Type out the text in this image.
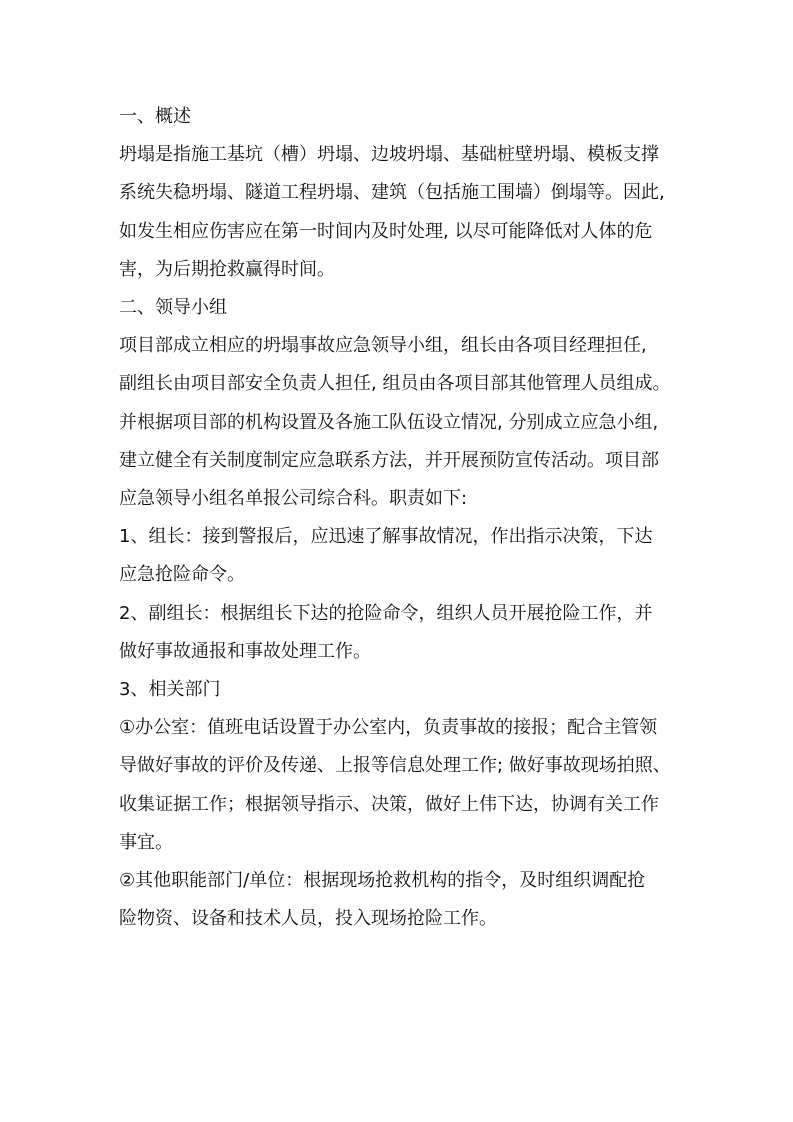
一、概述

坍塌是指施工基坑（槽）坍塌、边坡坍塌、基础桩壁坍塌、模板支撑
系统失稳坍塌、隧道工程坍塌、建筑（包括施工围墙）倒塌等。因此,
如发生相应伤害应在第一时间内及时处理, 以尽可能降低对人体的危
害，为后期抢救赢得时间。

二、领导小组

项目部成立相应的坍塌事故应急领导小组，组长由各项目经理担任,
副组长由项目部安全负责人担任, 组员由各项目部其他管理人员组成。
并根据项目部的机构设置及各施工队伍设立情况, 分别成立应急小组,
建立健全有关制度制定应急联系方法，并开展预防宣传活动。项目部
应急领导小组名单报公司综合科。职责如下:

1、组长：接到警报后，应迅速了解事故情况，作出指示决策，下达
应急抢险命令。

2、副组长：根据组长下达的抢险命令，组织人员开展抢险工作，并
做好事故通报和事故处理工作。

3、相关部门

①办公室：值班电话设置于办公室内，负责事故的接报；配合主管领
导做好事故的评价及传递、上报等信息处理工作; 做好事故现场拍照、
收集证据工作；根据领导指示、决策，做好上伟下达，协调有关工作
事宜。

②其他职能部门/单位：根据现场抢救机构的指令，及时组织调配抢
险物资、设备和技术人员，投入现场抢险工作。
